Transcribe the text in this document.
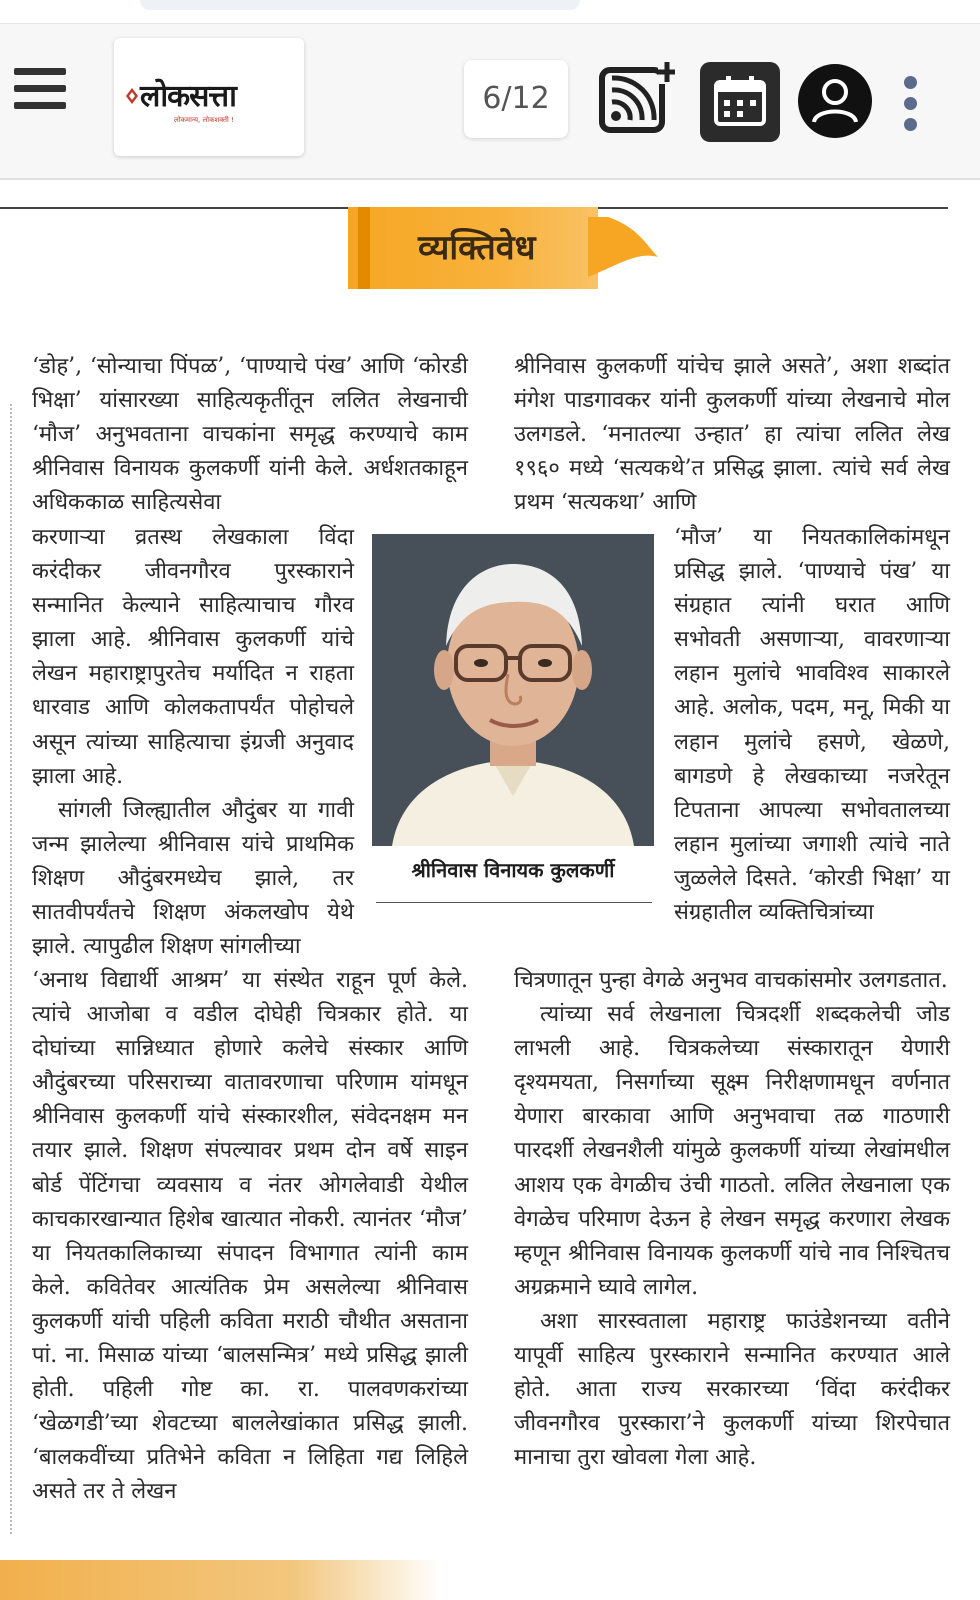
लोकसत्ता
लोकमान्य, लोकशक्ती !
6/12
व्यक्तिवेध

‘डोह’, ‘सोन्याचा पिंपळ’, ‘पाण्याचे पंख’ आणि ‘कोरडी भिक्षा’ यांसारख्या साहित्यकृतींतून ललित लेखनाची ‘मौज’ अनुभवताना वाचकांना समृद्ध करण्याचे काम श्रीनिवास विनायक कुलकर्णी यांनी केले. अर्धशतकाहून अधिककाळ साहित्यसेवा

करणाऱ्या व्रतस्थ लेखकाला विंदा करंदीकर जीवनगौरव पुरस्काराने सन्मानित केल्याने साहित्याचाच गौरव झाला आहे. श्रीनिवास कुलकर्णी यांचे लेखन महाराष्ट्रापुरतेच मर्यादित न राहता धारवाड आणि कोलकतापर्यंत पोहोचले असून त्यांच्या साहित्याचा इंग्रजी अनुवाद झाला आहे.

सांगली जिल्ह्यातील औदुंबर या गावी जन्म झालेल्या श्रीनिवास यांचे प्राथमिक शिक्षण औदुंबरमध्येच झाले, तर सातवीपर्यंतचे शिक्षण अंकलखोप येथे झाले. त्यापुढील शिक्षण सांगलीच्या

‘अनाथ विद्यार्थी आश्रम’ या संस्थेत राहून पूर्ण केले. त्यांचे आजोबा व वडील दोघेही चित्रकार होते. या दोघांच्या सान्निध्यात होणारे कलेचे संस्कार आणि औदुंबरच्या परिसराच्या वातावरणाचा परिणाम यांमधून श्रीनिवास कुलकर्णी यांचे संस्कारशील, संवेदनक्षम मन तयार झाले. शिक्षण संपल्यावर प्रथम दोन वर्षे साइन बोर्ड पेंटिंगचा व्यवसाय व नंतर ओगलेवाडी येथील काचकारखान्यात हिशेब खात्यात नोकरी. त्यानंतर ‘मौज’ या नियतकालिकाच्या संपादन विभागात त्यांनी काम केले. कवितेवर आत्यंतिक प्रेम असलेल्या श्रीनिवास कुलकर्णी यांची पहिली कविता मराठी चौथीत असताना पां. ना. मिसाळ यांच्या ‘बालसन्मित्र’ मध्ये प्रसिद्ध झाली होती. पहिली गोष्ट का. रा. पालवणकरांच्या ‘खेळगडी’च्या शेवटच्या बाललेखांकात प्रसिद्ध झाली. ‘बालकवींच्या प्रतिभेने कविता न लिहिता गद्य लिहिले असते तर ते लेखन

श्रीनिवास कुलकर्णी यांचेच झाले असते’, अशा शब्दांत मंगेश पाडगावकर यांनी कुलकर्णी यांच्या लेखनाचे मोल उलगडले. ‘मनातल्या उन्हात’ हा त्यांचा ललित लेख १९६० मध्ये ‘सत्यकथे’त प्रसिद्ध झाला. त्यांचे सर्व लेख प्रथम ‘सत्यकथा’ आणि

‘मौज’ या नियतकालिकांमधून प्रसिद्ध झाले. ‘पाण्याचे पंख’ या संग्रहात त्यांनी घरात आणि सभोवती असणाऱ्या, वावरणाऱ्या लहान मुलांचे भावविश्व साकारले आहे. अलोक, पदम, मनू, मिकी या लहान मुलांचे हसणे, खेळणे, बागडणे हे लेखकाच्या नजरेतून टिपताना आपल्या सभोवतालच्या लहान मुलांच्या जगाशी त्यांचे नाते जुळलेले दिसते. ‘कोरडी भिक्षा’ या संग्रहातील व्यक्तिचित्रांच्या

चित्रणातून पुन्हा वेगळे अनुभव वाचकांसमोर उलगडतात.

त्यांच्या सर्व लेखनाला चित्रदर्शी शब्दकलेची जोड लाभली आहे. चित्रकलेच्या संस्कारातून येणारी दृश्यमयता, निसर्गाच्या सूक्ष्म निरीक्षणामधून वर्णनात येणारा बारकावा आणि अनुभवाचा तळ गाठणारी पारदर्शी लेखनशैली यांमुळे कुलकर्णी यांच्या लेखांमधील आशय एक वेगळीच उंची गाठतो. ललित लेखनाला एक वेगळेच परिमाण देऊन हे लेखन समृद्ध करणारा लेखक म्हणून श्रीनिवास विनायक कुलकर्णी यांचे नाव निश्चितच अग्रक्रमाने घ्यावे लागेल.

अशा सारस्वताला महाराष्ट्र फाउंडेशनच्या वतीने यापूर्वी साहित्य पुरस्काराने सन्मानित करण्यात आले होते. आता राज्य सरकारच्या ‘विंदा करंदीकर जीवनगौरव पुरस्कारा’ने कुलकर्णी यांच्या शिरपेचात मानाचा तुरा खोवला गेला आहे.

श्रीनिवास विनायक कुलकर्णी
